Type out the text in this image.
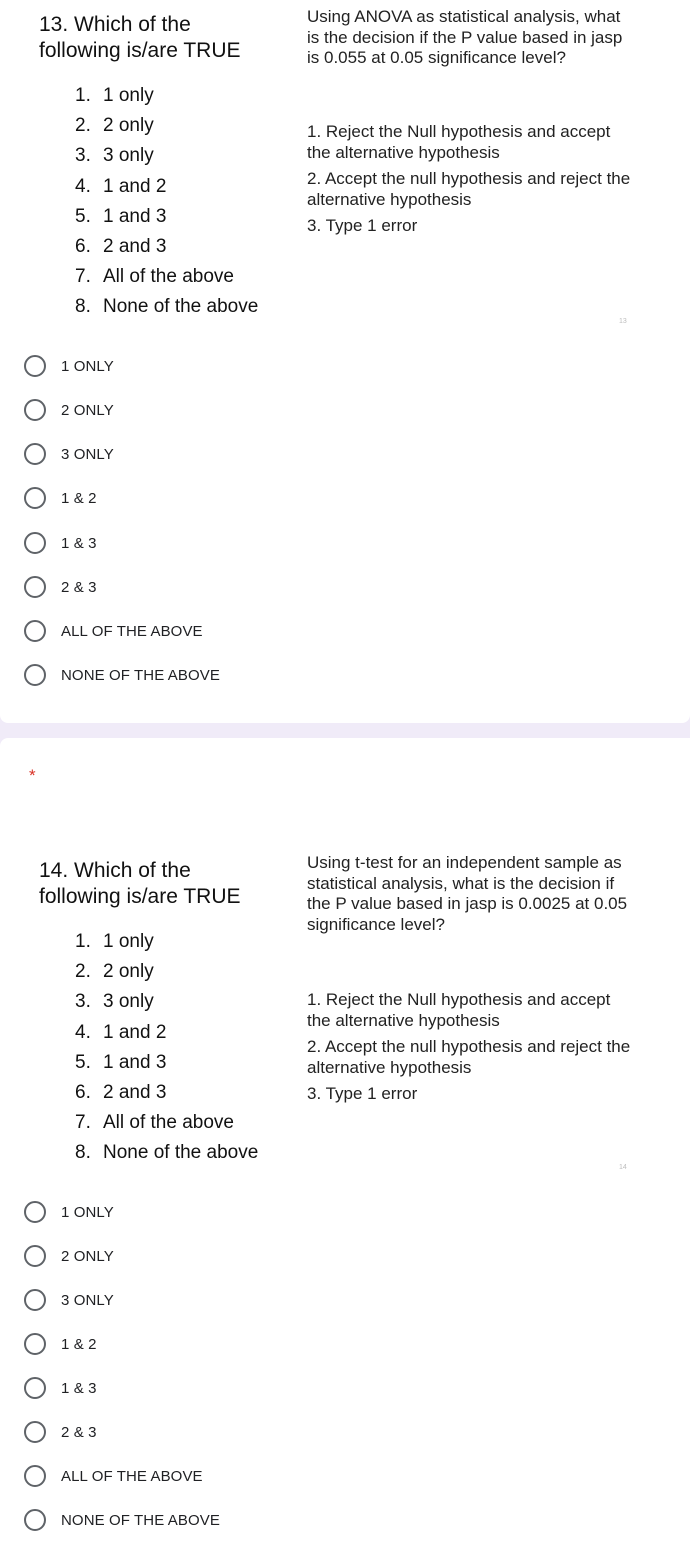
13. Which of the
following is/are TRUE
1. 1 only
2. 2 only
3. 3 only
4. 1 and 2
5. 1 and 3
6. 2 and 3
7. All of the above
8. None of the above
Using ANOVA as statistical analysis, what is the decision if the P value based in jasp is 0.055 at 0.05 significance level?

1. Reject the Null hypothesis and accept the alternative hypothesis

2. Accept the null hypothesis and reject the alternative hypothesis

3. Type 1 error

13
1 ONLY
2 ONLY
3 ONLY
1 & 2
1 & 3
2 & 3
ALL OF THE ABOVE
NONE OF THE ABOVE
*
14. Which of the
following is/are TRUE
1. 1 only
2. 2 only
3. 3 only
4. 1 and 2
5. 1 and 3
6. 2 and 3
7. All of the above
8. None of the above
Using t-test for an independent sample as statistical analysis, what is the decision if the P value based in jasp is 0.0025 at 0.05 significance level?

1. Reject the Null hypothesis and accept the alternative hypothesis

2. Accept the null hypothesis and reject the alternative hypothesis

3. Type 1 error

14
1 ONLY
2 ONLY
3 ONLY
1 & 2
1 & 3
2 & 3
ALL OF THE ABOVE
NONE OF THE ABOVE
